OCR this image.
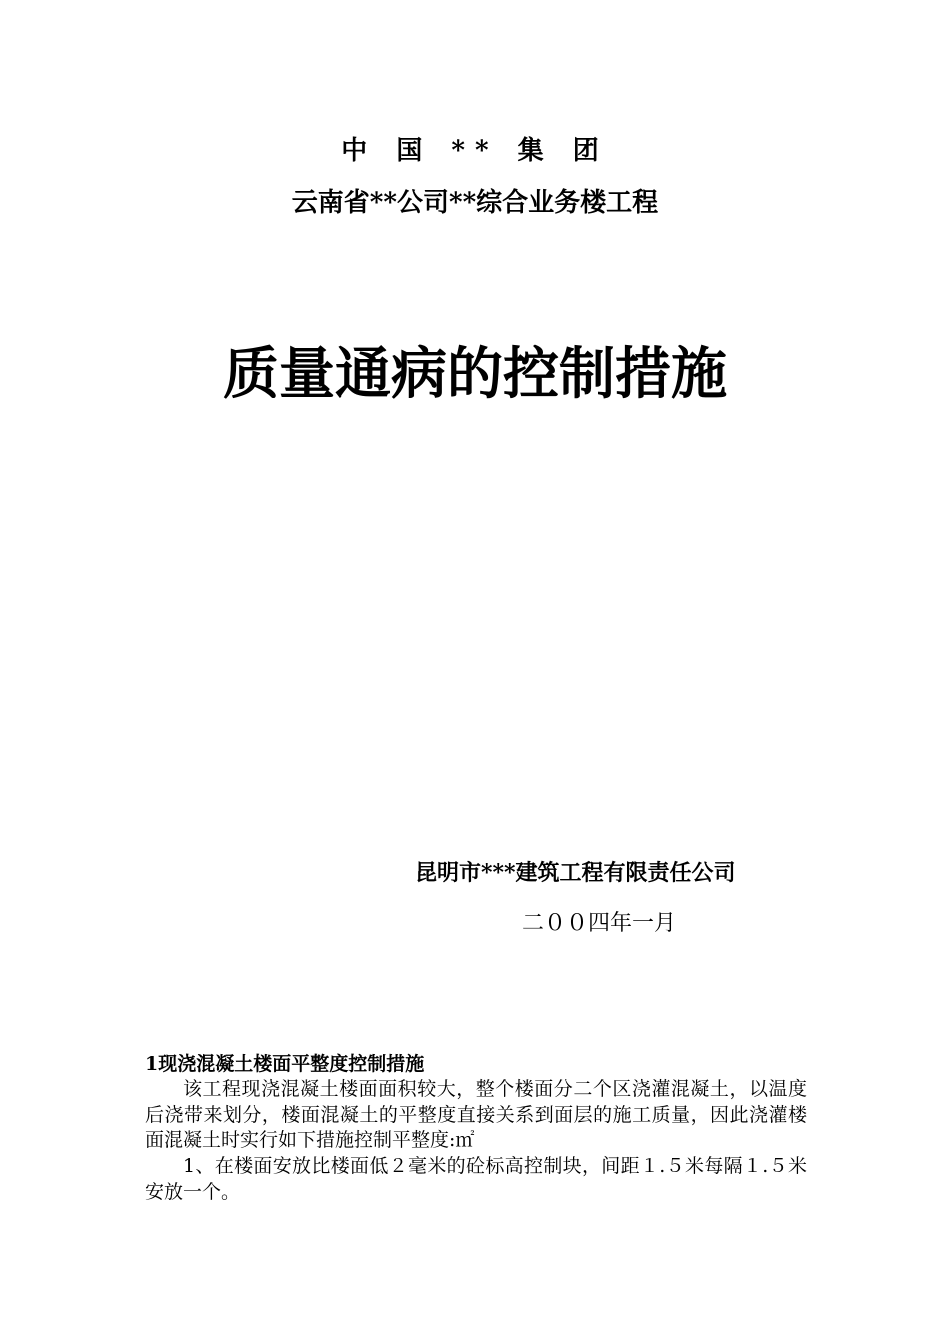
中 国 ** 集 团
云南省**公司**综合业务楼工程
质量通病的控制措施
昆明市***建筑工程有限责任公司
二００四年一月
1现浇混凝土楼面平整度控制措施

该工程现浇混凝土楼面面积较大，整个楼面分二个区浇灌混凝土，以温度后浇带来划分，楼面混凝土的平整度直接关系到面层的施工质量，因此浇灌楼面混凝土时实行如下措施控制平整度:㎡

1、在楼面安放比楼面低２毫米的砼标高控制块，间距１.５米每隔１.５米安放一个。
